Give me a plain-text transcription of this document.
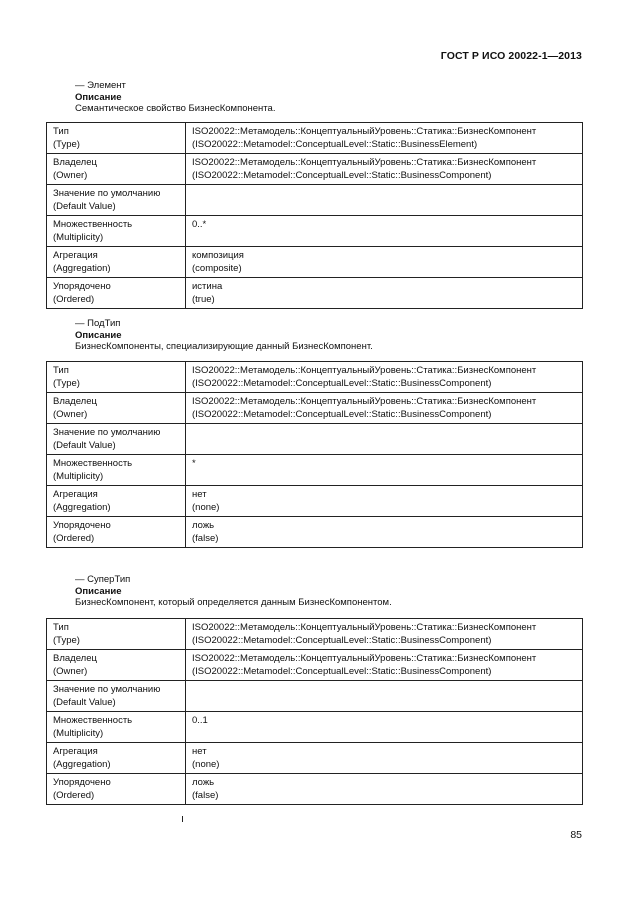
ГОСТ Р ИСО 20022-1—2013
— Элемент
Описание
Семантическое свойство БизнесКомпонента.
Тип
(Type)	ISO20022::Метамодель::КонцептуальныйУровень::Статика::БизнесКомпонент
(ISO20022::Metamodel::ConceptualLevel::Static::BusinessElement)
Владелец
(Owner)	ISO20022::Метамодель::КонцептуальныйУровень::Статика::БизнесКомпонент
(ISO20022::Metamodel::ConceptualLevel::Static::BusinessComponent)
Значение по умолчанию
(Default Value)	

Множественность
(Multiplicity)	0..*

Агрегация
(Aggregation)	композиция
(composite)
Упорядочено
(Ordered)	истина
(true)
— ПодТип
Описание
БизнесКомпоненты, специализирующие данный БизнесКомпонент.
Тип
(Type)	ISO20022::Метамодель::КонцептуальныйУровень::Статика::БизнесКомпонент
(ISO20022::Metamodel::ConceptualLevel::Static::BusinessComponent)
Владелец
(Owner)	ISO20022::Метамодель::КонцептуальныйУровень::Статика::БизнесКомпонент
(ISO20022::Metamodel::ConceptualLevel::Static::BusinessComponent)
Значение по умолчанию
(Default Value)	

Множественность
(Multiplicity)	*

Агрегация
(Aggregation)	нет
(none)
Упорядочено
(Ordered)	ложь
(false)
— СуперТип
Описание
БизнесКомпонент, который определяется данным БизнесКомпонентом.
Тип
(Type)	ISO20022::Метамодель::КонцептуальныйУровень::Статика::БизнесКомпонент
(ISO20022::Metamodel::ConceptualLevel::Static::BusinessComponent)
Владелец
(Owner)	ISO20022::Метамодель::КонцептуальныйУровень::Статика::БизнесКомпонент
(ISO20022::Metamodel::ConceptualLevel::Static::BusinessComponent)
Значение по умолчанию
(Default Value)	

Множественность
(Multiplicity)	0..1

Агрегация
(Aggregation)	нет
(none)
Упорядочено
(Ordered)	ложь
(false)
85
